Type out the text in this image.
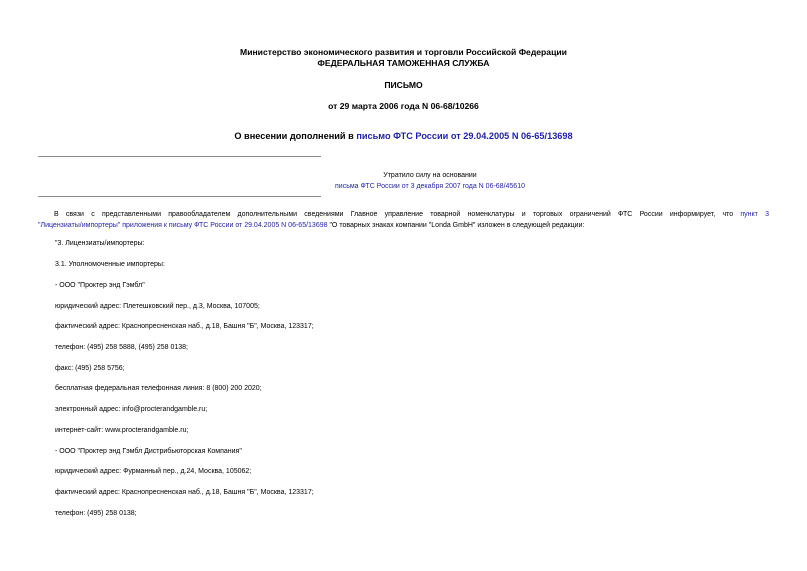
Министерство экономического развития и торговли Российской Федерации
ФЕДЕРАЛЬНАЯ ТАМОЖЕННАЯ СЛУЖБА
ПИСЬМО
от 29 марта 2006 года N 06-68/10266
О внесении дополнений в письмо ФТС России от 29.04.2005 N 06-65/13698
Утратило силу на основании
письма ФТС России от 3 декабря 2007 года N 06-68/45610
В связи с представленными правообладателем дополнительными сведениями Главное управление товарной номенклатуры и торговых ограничений ФТС России информирует, что пункт 3
"Лицензиаты/импортеры" приложения к письму ФТС России от 29.04.2005 N 06-65/13698 "О товарных знаках компании "Londa GmbH" изложен в следующей редакции:
"3. Лицензиаты/импортеры:
3.1. Уполномоченные импортеры:
- ООО "Проктер энд Гэмбл"
юридический адрес: Плетешковский пер., д.3, Москва, 107005;
фактический адрес: Краснопресненская наб., д.18, Башня "Б", Москва, 123317;
телефон: (495) 258 5888, (495) 258 0138;
факс: (495) 258 5756;
бесплатная федеральная телефонная линия: 8 (800) 200 2020;
электронный адрес: info@procterandgamble.ru;
интернет-сайт: www.procterandgamble.ru;
- ООО "Проктер энд Гэмбл Дистрибьюторская Компания"
юридический адрес: Фурманный пер., д.24, Москва, 105062;
фактический адрес: Краснопресненская наб., д.18, Башня "Б", Москва, 123317;
телефон: (495) 258 0138;
